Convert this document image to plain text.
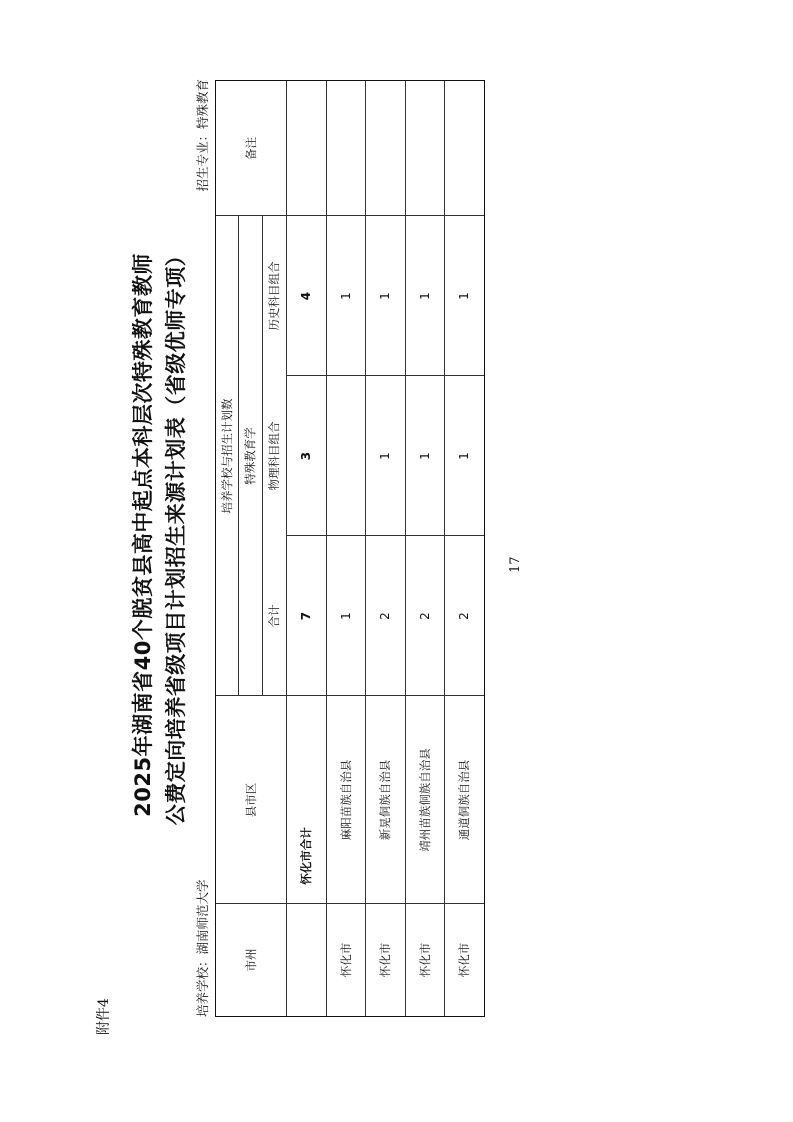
附件4
2025年湖南省40个脱贫县高中起点本科层次特殊教育教师 公费定向培养省级项目计划招生来源计划表（省级优师专项）
培养学校：湖南师范大学
招生专业：特殊教育
市州
县市区
培养学校与招生计划数 特殊教育学
合计
物理科目组合
历史科目组合
备注
怀化市合计
7
3
4
怀化市
麻阳苗族自治县
1
1
怀化市
新晃侗族自治县
2
1
1
怀化市
靖州苗族侗族自治县
2
1
1
怀化市
通道侗族自治县
2
1
1
17
